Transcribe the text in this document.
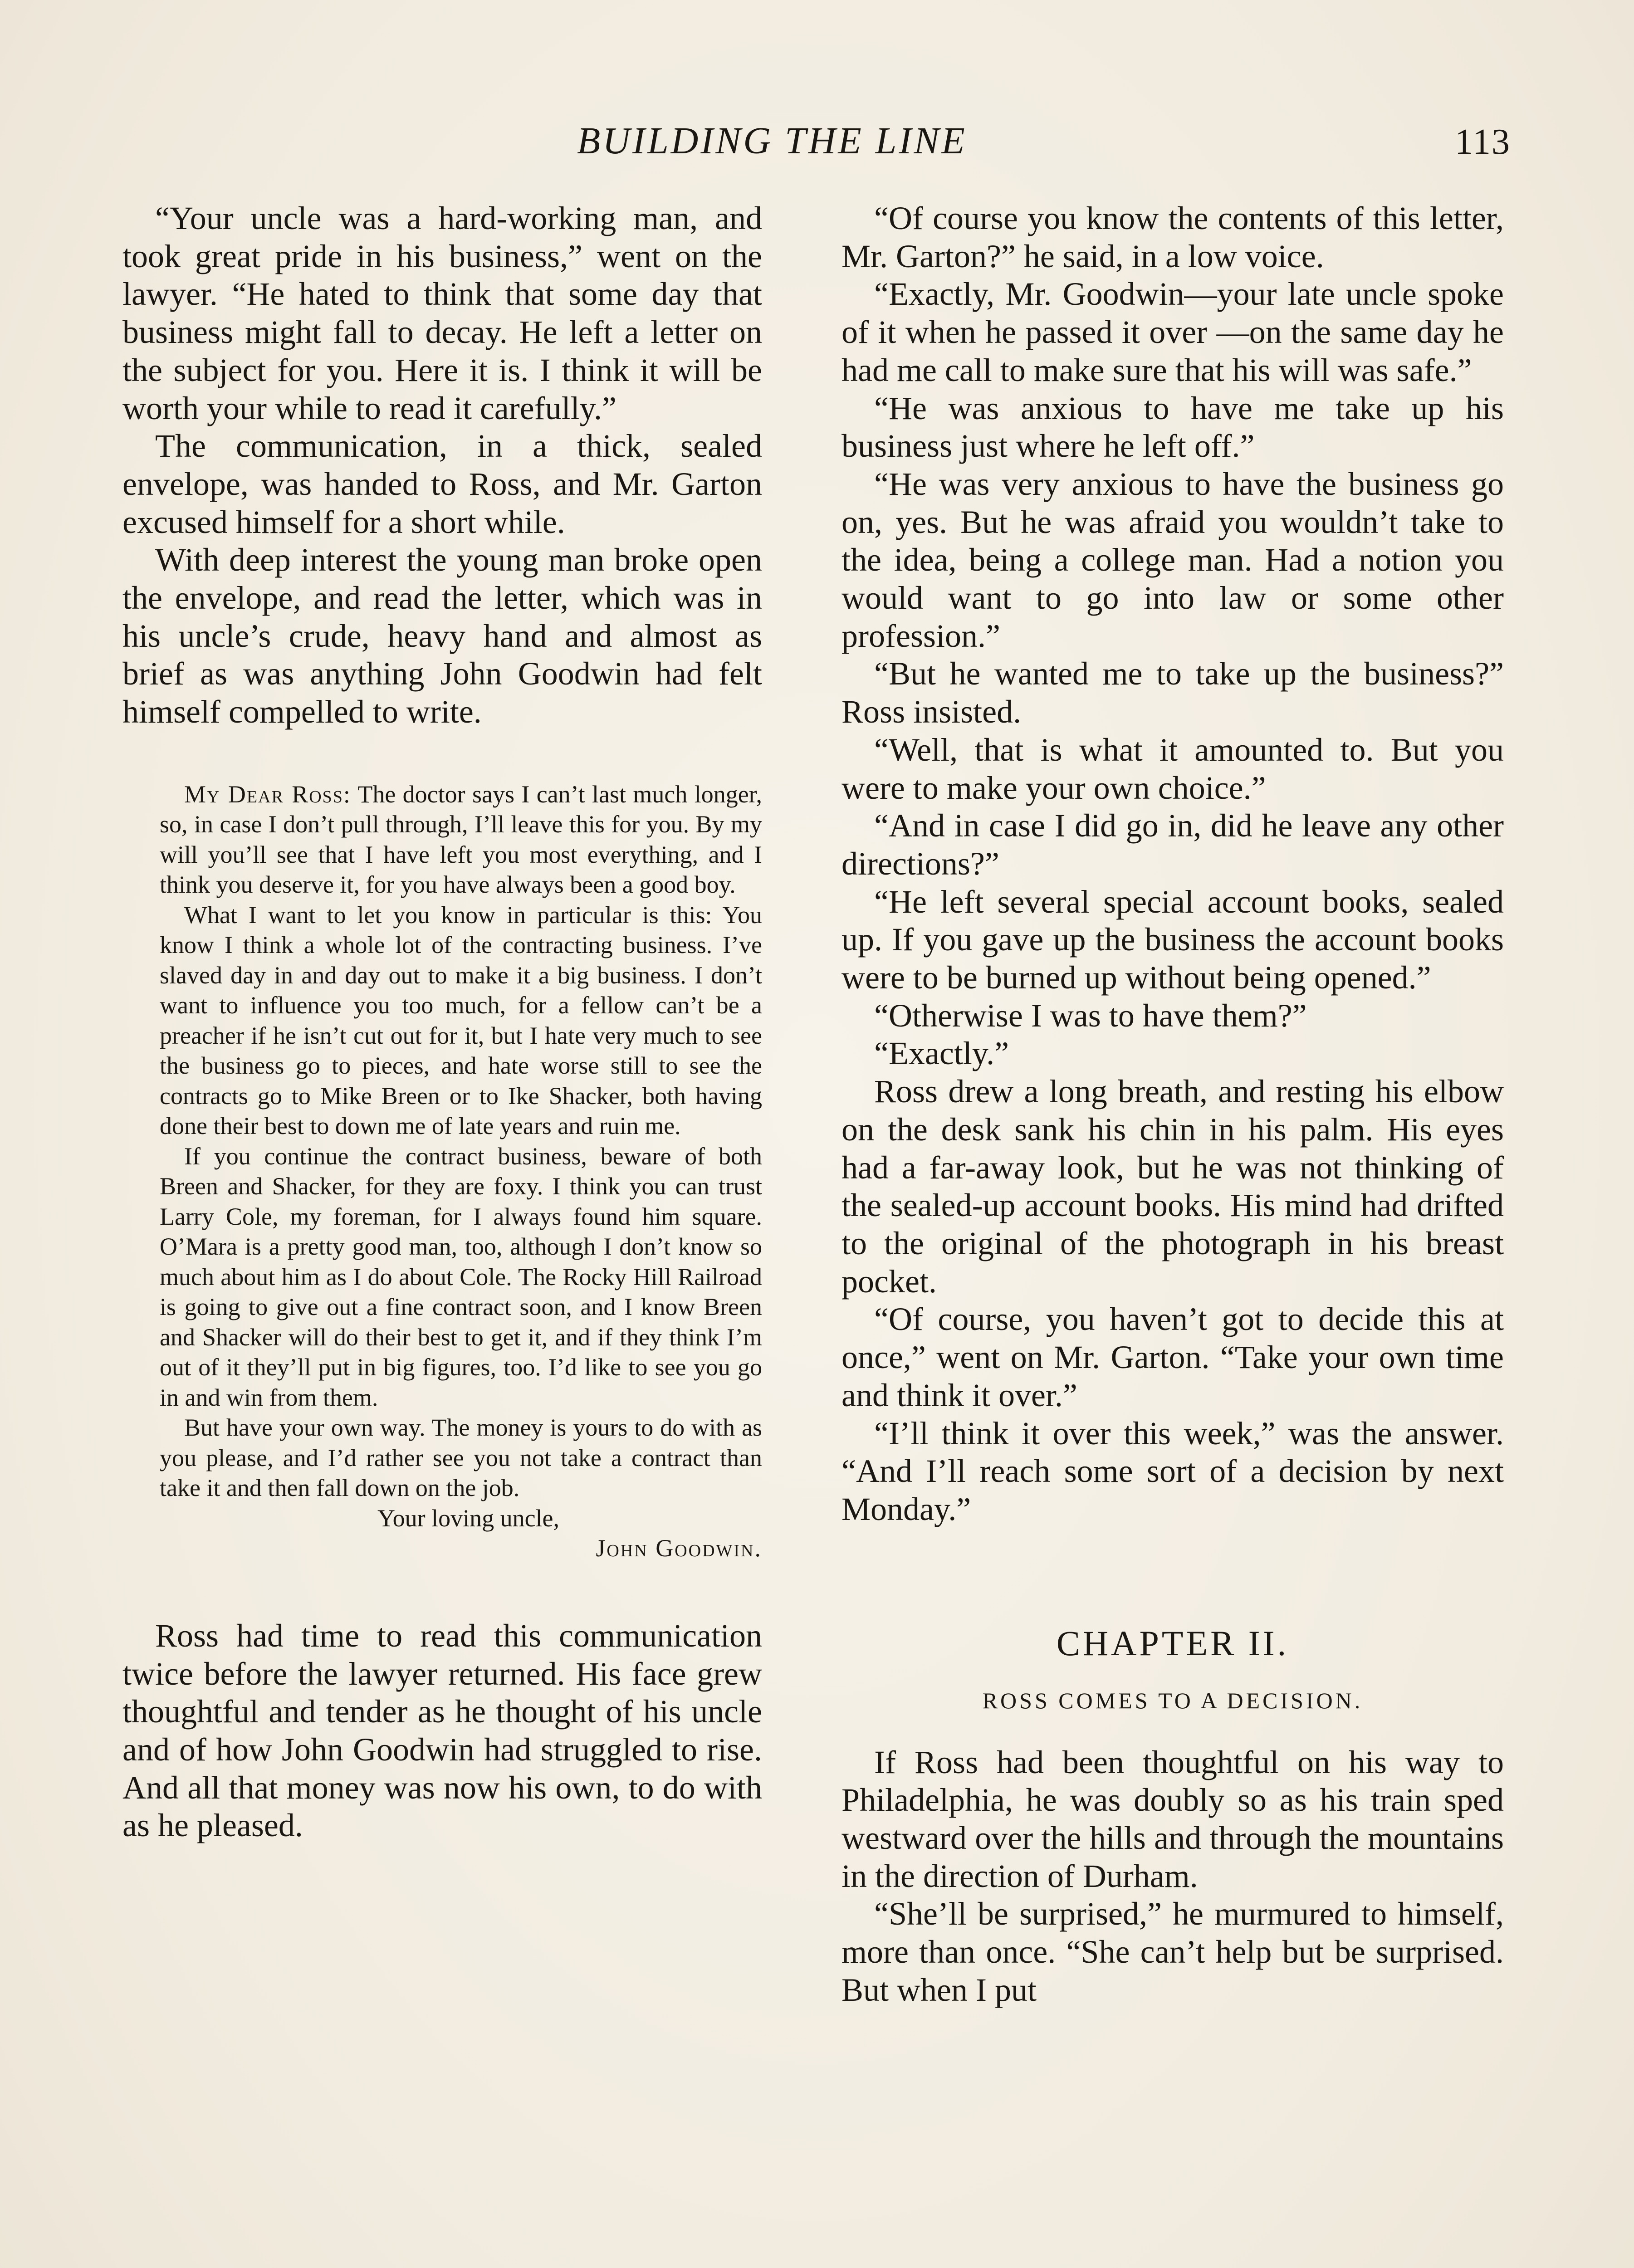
BUILDING THE LINE	113

“Your uncle was a hard-working man, and took great pride in his business,” went on the lawyer. “He hated to think that some day that business might fall to decay. He left a letter on the subject for you. Here it is. I think it will be worth your while to read it carefully.”

The communication, in a thick, sealed envelope, was handed to Ross, and Mr. Garton excused himself for a short while.

With deep interest the young man broke open the envelope, and read the letter, which was in his uncle’s crude, heavy hand and almost as brief as was anything John Goodwin had felt himself compelled to write.

My Dear Ross: The doctor says I can’t last much longer, so, in case I don’t pull through, I’ll leave this for you. By my will you’ll see that I have left you most everything, and I think you deserve it, for you have always been a good boy.

What I want to let you know in particular is this: You know I think a whole lot of the contracting business. I’ve slaved day in and day out to make it a big business. I don’t want to influence you too much, for a fellow can’t be a preacher if he isn’t cut out for it, but I hate very much to see the business go to pieces, and hate worse still to see the contracts go to Mike Breen or to Ike Shacker, both having done their best to down me of late years and ruin me.

If you continue the contract business, beware of both Breen and Shacker, for they are foxy. I think you can trust Larry Cole, my foreman, for I always found him square. O’Mara is a pretty good man, too, although I don’t know so much about him as I do about Cole. The Rocky Hill Railroad is going to give out a fine contract soon, and I know Breen and Shacker will do their best to get it, and if they think I’m out of it they’ll put in big figures, too. I’d like to see you go in and win from them.

But have your own way. The money is yours to do with as you please, and I’d rather see you not take a contract than take it and then fall down on the job.

Your loving uncle,

John Goodwin.

Ross had time to read this communication twice before the lawyer returned. His face grew thoughtful and tender as he thought of his uncle and of how John Goodwin had struggled to rise. And all that money was now his own, to do with as he pleased.

“Of course you know the contents of this letter, Mr. Garton?” he said, in a low voice.

“Exactly, Mr. Goodwin—your late uncle spoke of it when he passed it over —on the same day he had me call to make sure that his will was safe.”

“He was anxious to have me take up his business just where he left off.”

“He was very anxious to have the business go on, yes. But he was afraid you wouldn’t take to the idea, being a college man. Had a notion you would want to go into law or some other profession.”

“But he wanted me to take up the business?” Ross insisted.

“Well, that is what it amounted to. But you were to make your own choice.”

“And in case I did go in, did he leave any other directions?”

“He left several special account books, sealed up. If you gave up the business the account books were to be burned up without being opened.”

“Otherwise I was to have them?”

“Exactly.”

Ross drew a long breath, and resting his elbow on the desk sank his chin in his palm. His eyes had a far-away look, but he was not thinking of the sealed-up account books. His mind had drifted to the original of the photograph in his breast pocket.

“Of course, you haven’t got to decide this at once,” went on Mr. Garton. “Take your own time and think it over.”

“I’ll think it over this week,” was the answer. “And I’ll reach some sort of a decision by next Monday.”

CHAPTER II.
ROSS COMES TO A DECISION.

If Ross had been thoughtful on his way to Philadelphia, he was doubly so as his train sped westward over the hills and through the mountains in the direction of Durham.

“She’ll be surprised,” he murmured to himself, more than once. “She can’t help but be surprised. But when I put
